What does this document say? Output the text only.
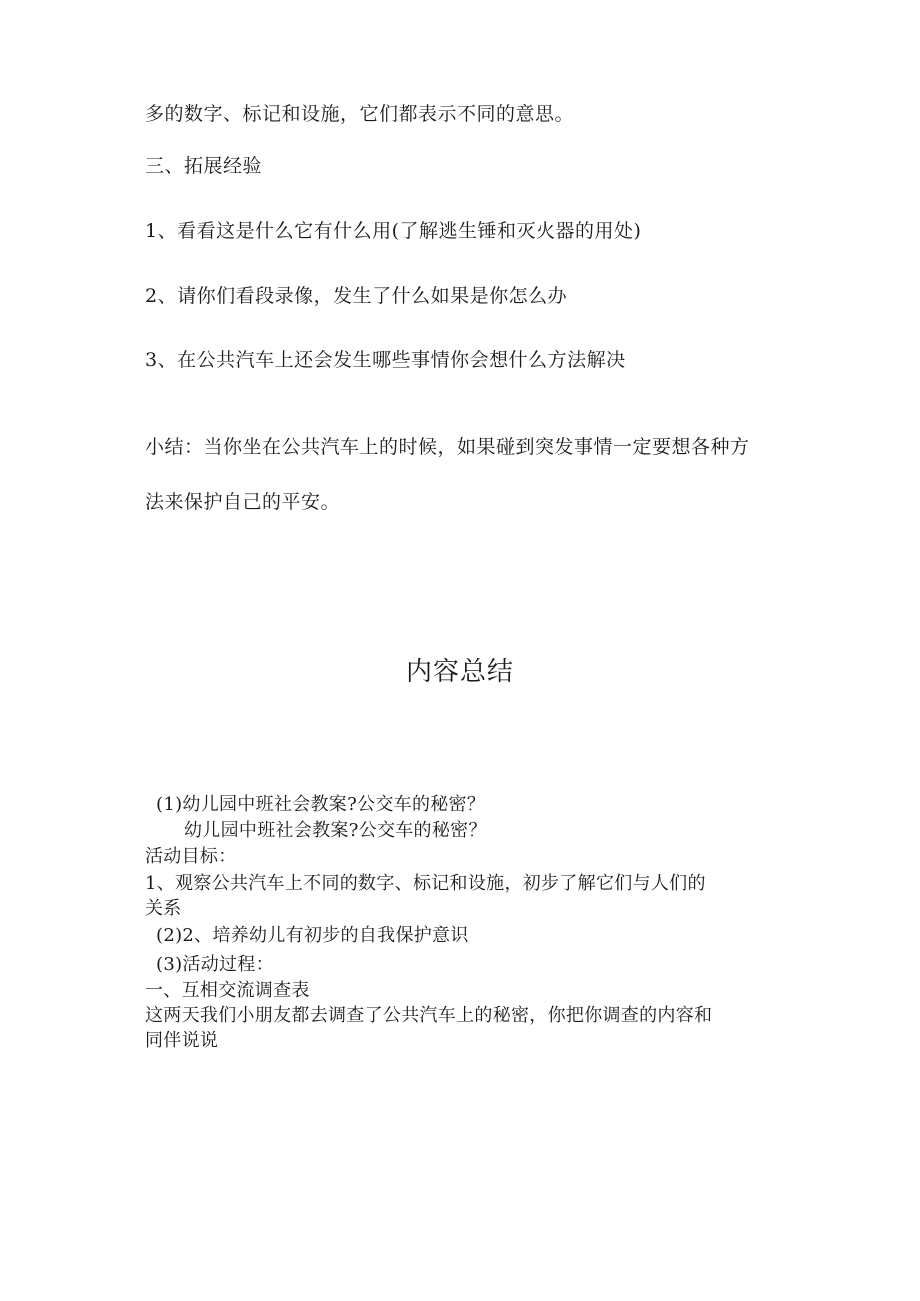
多的数字、标记和设施，它们都表示不同的意思。
三、拓展经验
1、看看这是什么它有什么用(了解逃生锤和灭火器的用处)
2、请你们看段录像，发生了什么如果是你怎么办
3、在公共汽车上还会发生哪些事情你会想什么方法解决
小结：当你坐在公共汽车上的时候，如果碰到突发事情一定要想各种方
法来保护自己的平安。
内容总结
(1)幼儿园中班社会教案?公交车的秘密？
幼儿园中班社会教案?公交车的秘密？
活动目标：
1、观察公共汽车上不同的数字、标记和设施，初步了解它们与人们的
关系
(2)2、培养幼儿有初步的自我保护意识
(3)活动过程：
一、互相交流调查表
这两天我们小朋友都去调查了公共汽车上的秘密，你把你调查的内容和
同伴说说
